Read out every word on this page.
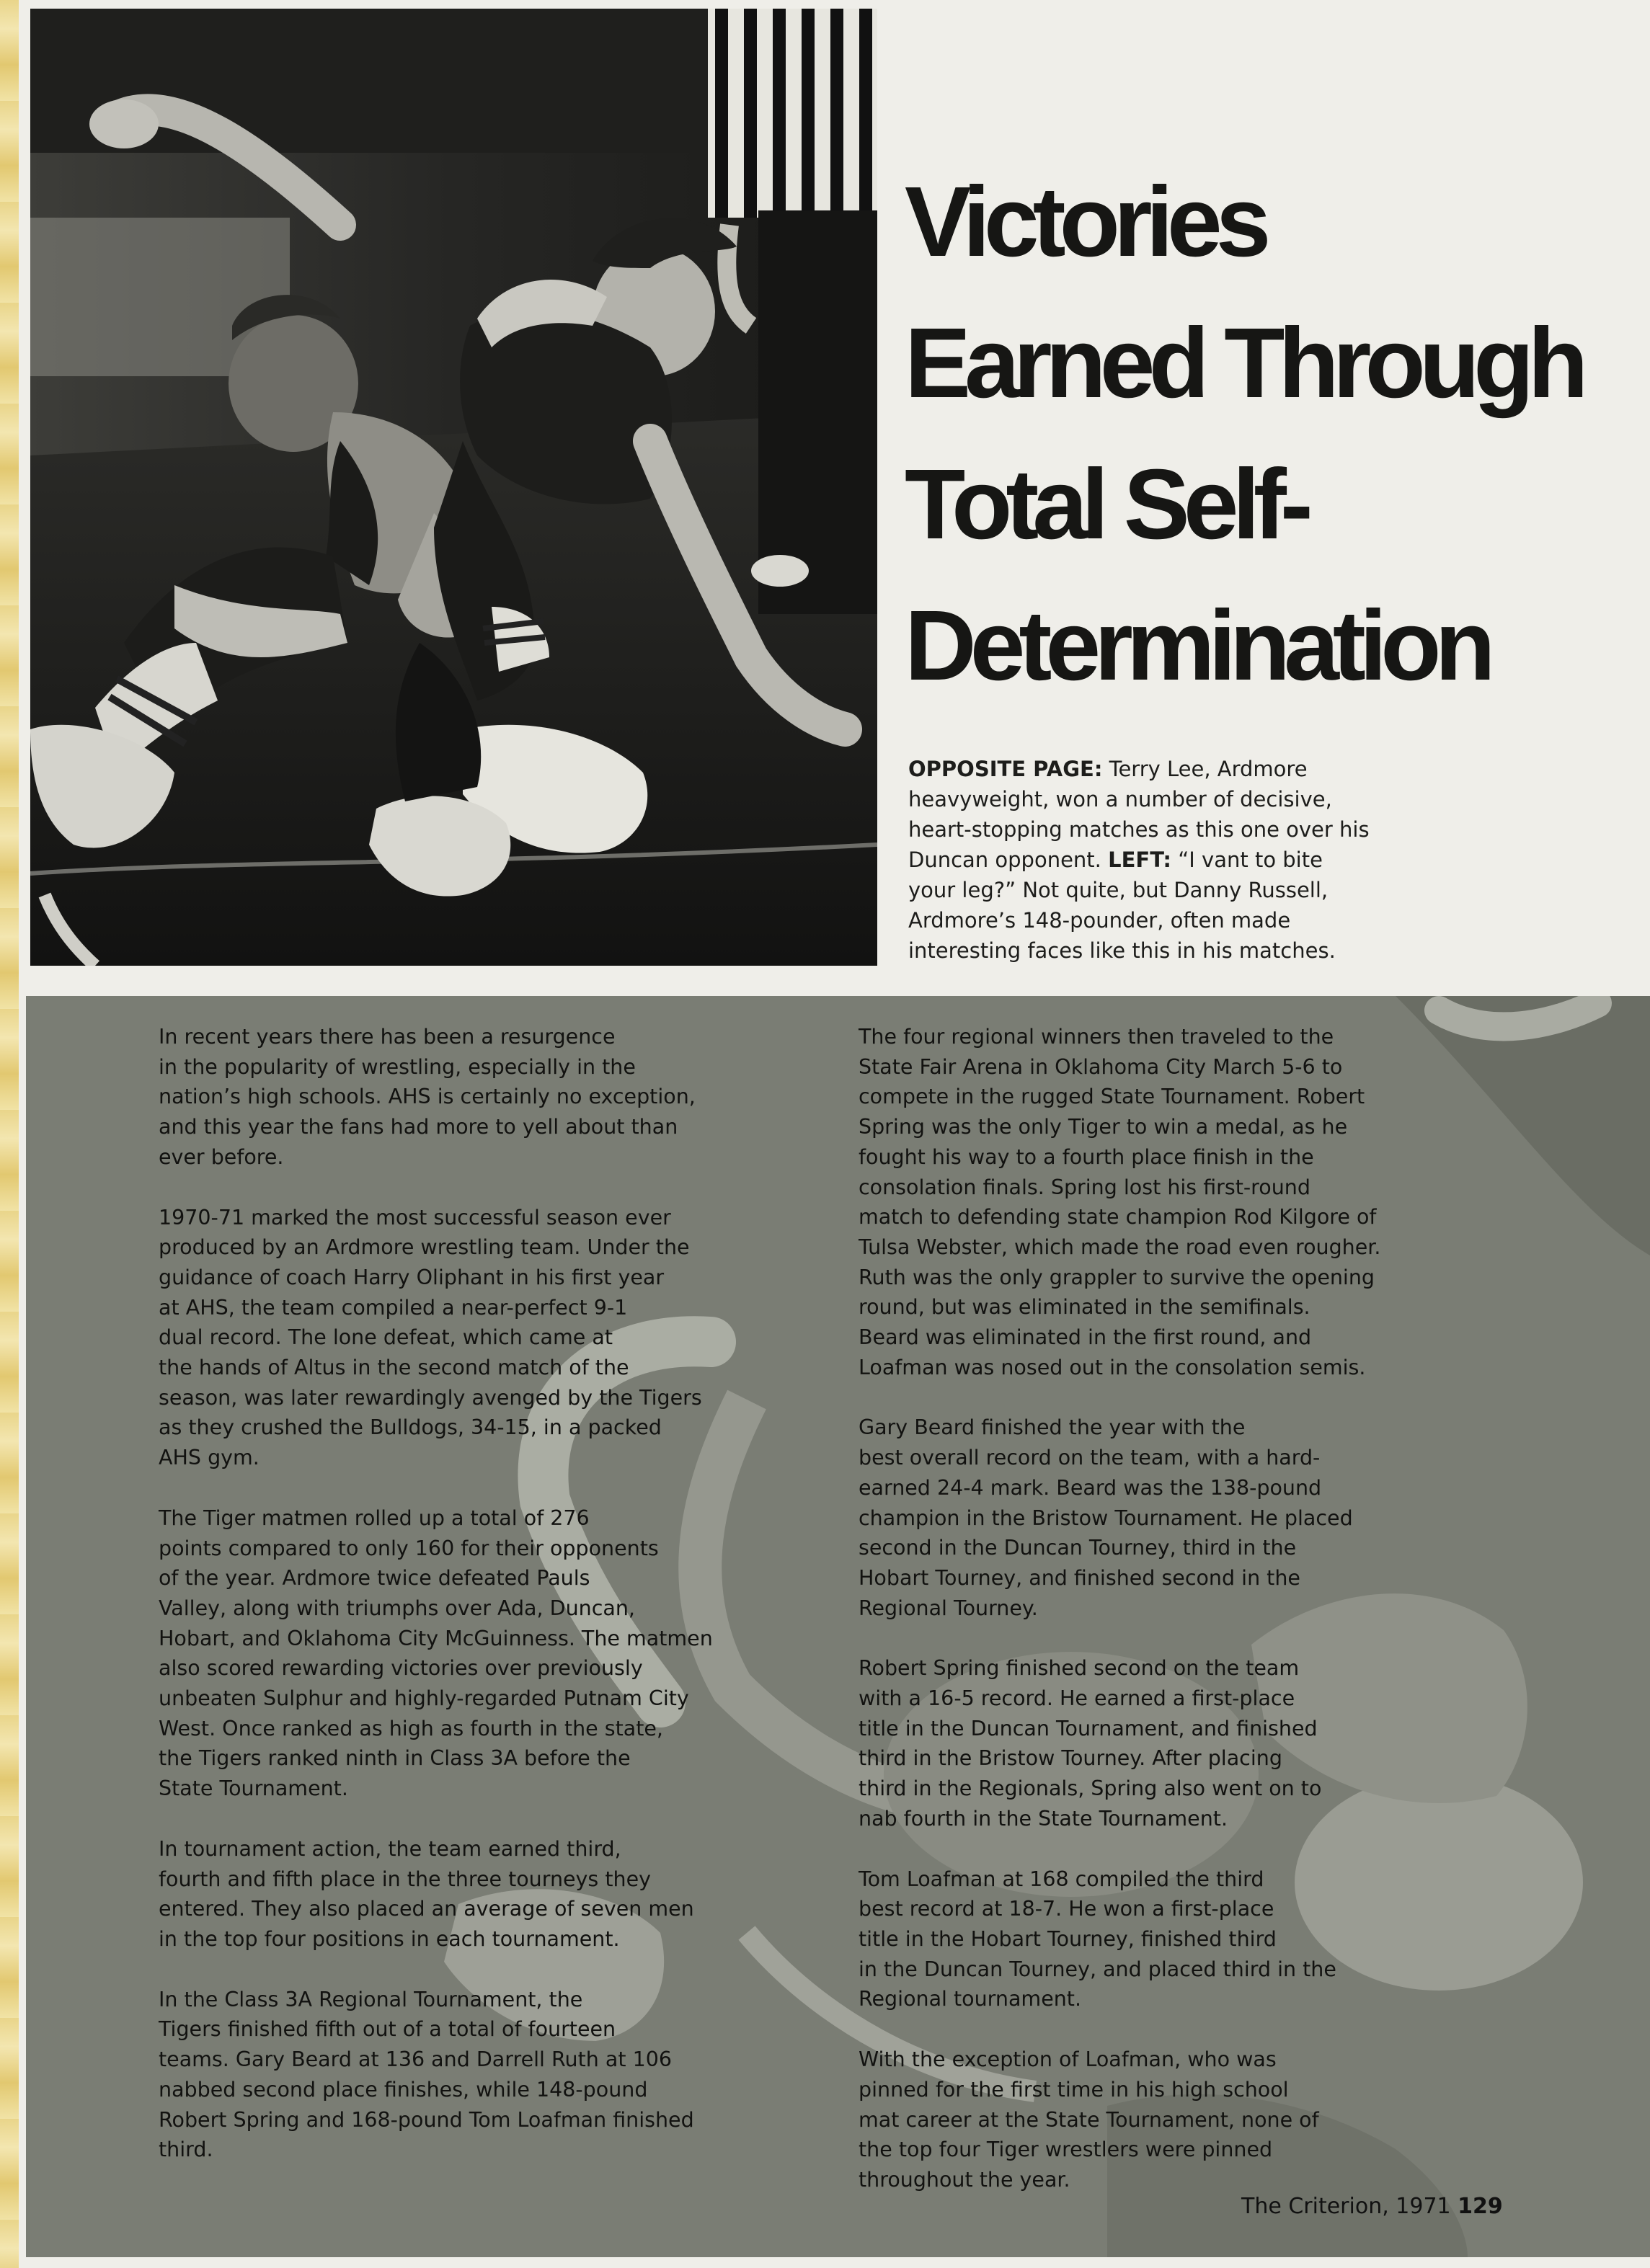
Victories
Earned Through
Total Self-
Determination
OPPOSITE PAGE: Terry Lee, Ardmore heavyweight, won a number of decisive, heart-stopping matches as this one over his Duncan opponent. LEFT: “I vant to bite your leg?” Not quite, but Danny Russell, Ardmore’s 148-pounder, often made interesting faces like this in his matches.

In recent years there has been a resurgence
in the popularity of wrestling, especially in the
nation’s high schools. AHS is certainly no exception,
and this year the fans had more to yell about than
ever before.

1970-71 marked the most successful season ever
produced by an Ardmore wrestling team. Under the
guidance of coach Harry Oliphant in his first year
at AHS, the team compiled a near-perfect 9-1
dual record. The lone defeat, which came at
the hands of Altus in the second match of the
season, was later rewardingly avenged by the Tigers
as they crushed the Bulldogs, 34-15, in a packed
AHS gym.

The Tiger matmen rolled up a total of 276
points compared to only 160 for their opponents
of the year. Ardmore twice defeated Pauls
Valley, along with triumphs over Ada, Duncan,
Hobart, and Oklahoma City McGuinness. The matmen
also scored rewarding victories over previously
unbeaten Sulphur and highly-regarded Putnam City
West. Once ranked as high as fourth in the state,
the Tigers ranked ninth in Class 3A before the
State Tournament.

In tournament action, the team earned third,
fourth and fifth place in the three tourneys they
entered. They also placed an average of seven men
in the top four positions in each tournament.

In the Class 3A Regional Tournament, the
Tigers finished fifth out of a total of fourteen
teams. Gary Beard at 136 and Darrell Ruth at 106
nabbed second place finishes, while 148-pound
Robert Spring and 168-pound Tom Loafman finished
third.

The four regional winners then traveled to the
State Fair Arena in Oklahoma City March 5-6 to
compete in the rugged State Tournament. Robert
Spring was the only Tiger to win a medal, as he
fought his way to a fourth place finish in the
consolation finals. Spring lost his first-round
match to defending state champion Rod Kilgore of
Tulsa Webster, which made the road even rougher.
Ruth was the only grappler to survive the opening
round, but was eliminated in the semifinals.
Beard was eliminated in the first round, and
Loafman was nosed out in the consolation semis.

Gary Beard finished the year with the
best overall record on the team, with a hard-
earned 24-4 mark. Beard was the 138-pound
champion in the Bristow Tournament. He placed
second in the Duncan Tourney, third in the
Hobart Tourney, and finished second in the
Regional Tourney.

Robert Spring finished second on the team
with a 16-5 record. He earned a first-place
title in the Duncan Tournament, and finished
third in the Bristow Tourney. After placing
third in the Regionals, Spring also went on to
nab fourth in the State Tournament.

Tom Loafman at 168 compiled the third
best record at 18-7. He won a first-place
title in the Hobart Tourney, finished third
in the Duncan Tourney, and placed third in the
Regional tournament.

With the exception of Loafman, who was
pinned for the first time in his high school
mat career at the State Tournament, none of
the top four Tiger wrestlers were pinned
throughout the year.

The Criterion, 1971 129
